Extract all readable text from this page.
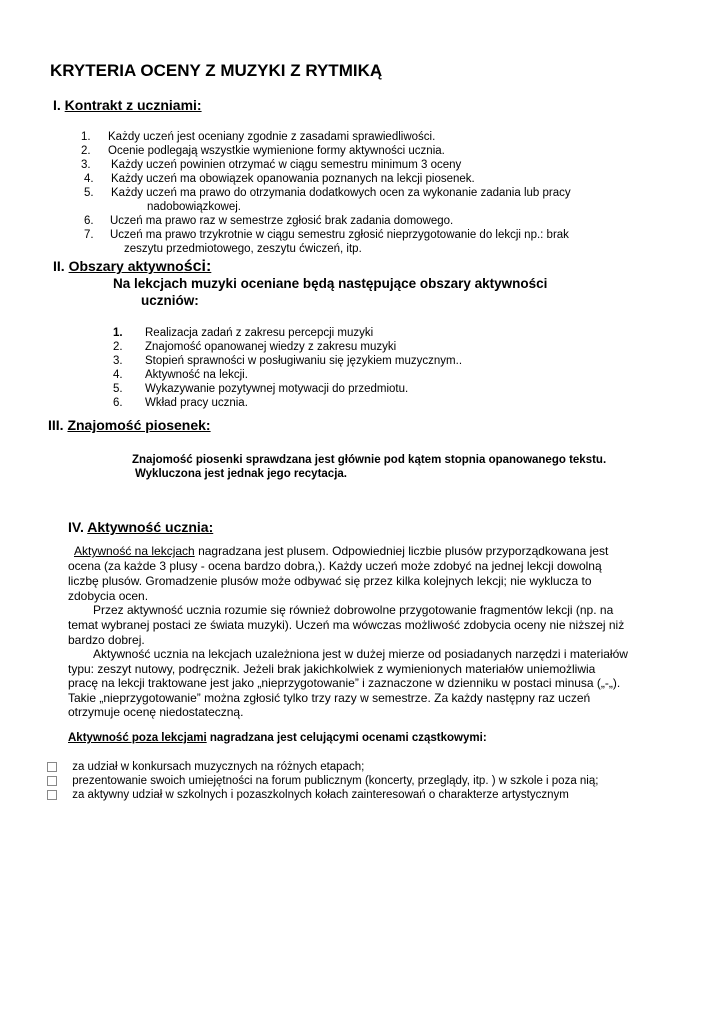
KRYTERIA OCENY Z MUZYKI Z RYTMIKĄ
I. Kontrakt z uczniami:
1. Każdy uczeń jest oceniany zgodnie z zasadami sprawiedliwości.
2. Ocenie podlegają wszystkie wymienione formy aktywności ucznia.
3. Każdy uczeń powinien otrzymać w ciągu semestru minimum 3 oceny
4. Każdy uczeń ma obowiązek opanowania poznanych na lekcji piosenek.
5. Każdy uczeń ma prawo do otrzymania dodatkowych ocen za wykonanie zadania lub pracy
nadobowiązkowej.
6. Uczeń ma prawo raz w semestrze zgłosić brak zadania domowego.
7. Uczeń ma prawo trzykrotnie w ciągu semestru zgłosić nieprzygotowanie do lekcji np.: brak
zeszytu przedmiotowego, zeszytu ćwiczeń, itp.
II. Obszary aktywności:
Na lekcjach muzyki oceniane będą następujące obszary aktywności
uczniów:
1. Realizacja zadań z zakresu percepcji muzyki
2. Znajomość opanowanej wiedzy z zakresu muzyki
3. Stopień sprawności w posługiwaniu się językiem muzycznym..
4. Aktywność na lekcji.
5. Wykazywanie pozytywnej motywacji do przedmiotu.
6. Wkład pracy ucznia.
III. Znajomość piosenek:
Znajomość piosenki sprawdzana jest głównie pod kątem stopnia opanowanego tekstu.
Wykluczona jest jednak jego recytacja.
IV. Aktywność ucznia:
Aktywność na lekcjach nagradzana jest plusem. Odpowiedniej liczbie plusów przyporządkowana jest
ocena (za każde 3 plusy - ocena bardzo dobra,). Każdy uczeń może zdobyć na jednej lekcji dowolną
liczbę plusów. Gromadzenie plusów może odbywać się przez kilka kolejnych lekcji; nie wyklucza to
zdobycia ocen.
Przez aktywność ucznia rozumie się również dobrowolne przygotowanie fragmentów lekcji (np. na
temat wybranej postaci ze świata muzyki). Uczeń ma wówczas możliwość zdobycia oceny nie niższej niż
bardzo dobrej.
Aktywność ucznia na lekcjach uzależniona jest w dużej mierze od posiadanych narzędzi i materiałów
typu: zeszyt nutowy, podręcznik. Jeżeli brak jakichkolwiek z wymienionych materiałów uniemożliwia
pracę na lekcji traktowane jest jako „nieprzygotowanie” i zaznaczone w dzienniku w postaci minusa („-„).
Takie „nieprzygotowanie” można zgłosić tylko trzy razy w semestrze. Za każdy następny raz uczeń
otrzymuje ocenę niedostateczną.
Aktywność poza lekcjami nagradzana jest celującymi ocenami cząstkowymi:
za udział w konkursach muzycznych na różnych etapach;
prezentowanie swoich umiejętności na forum publicznym (koncerty, przeglądy, itp. ) w szkole i poza nią;
za aktywny udział w szkolnych i pozaszkolnych kołach zainteresowań o charakterze artystycznym
